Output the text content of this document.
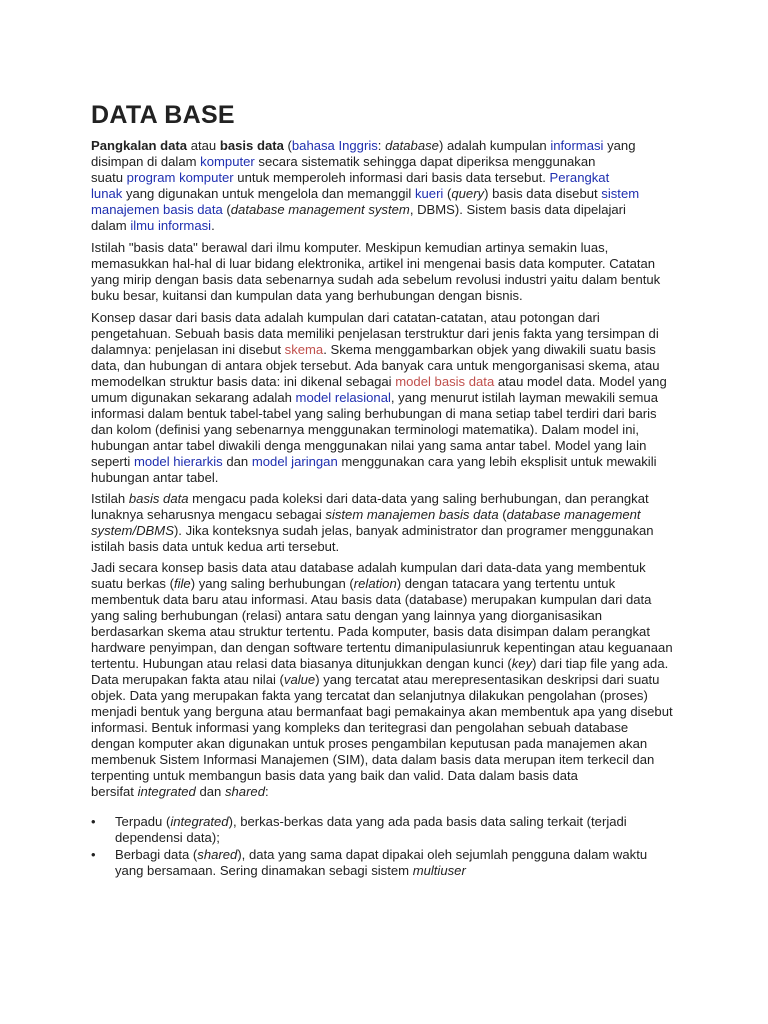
DATA BASE

Pangkalan data atau basis data (bahasa Inggris: database) adalah kumpulan informasi yang

disimpan di dalam komputer secara sistematik sehingga dapat diperiksa menggunakan

suatu program komputer untuk memperoleh informasi dari basis data tersebut. Perangkat

lunak yang digunakan untuk mengelola dan memanggil kueri (query) basis data disebut sistem

manajemen basis data (database management system, DBMS). Sistem basis data dipelajari

dalam ilmu informasi.

Istilah "basis data" berawal dari ilmu komputer. Meskipun kemudian artinya semakin luas,

memasukkan hal-hal di luar bidang elektronika, artikel ini mengenai basis data komputer. Catatan

yang mirip dengan basis data sebenarnya sudah ada sebelum revolusi industri yaitu dalam bentuk

buku besar, kuitansi dan kumpulan data yang berhubungan dengan bisnis.

Konsep dasar dari basis data adalah kumpulan dari catatan-catatan, atau potongan dari

pengetahuan. Sebuah basis data memiliki penjelasan terstruktur dari jenis fakta yang tersimpan di

dalamnya: penjelasan ini disebut skema. Skema menggambarkan objek yang diwakili suatu basis

data, dan hubungan di antara objek tersebut. Ada banyak cara untuk mengorganisasi skema, atau

memodelkan struktur basis data: ini dikenal sebagai model basis data atau model data. Model yang

umum digunakan sekarang adalah model relasional, yang menurut istilah layman mewakili semua

informasi dalam bentuk tabel-tabel yang saling berhubungan di mana setiap tabel terdiri dari baris

dan kolom (definisi yang sebenarnya menggunakan terminologi matematika). Dalam model ini,

hubungan antar tabel diwakili denga menggunakan nilai yang sama antar tabel. Model yang lain

seperti model hierarkis dan model jaringan menggunakan cara yang lebih eksplisit untuk mewakili

hubungan antar tabel.

Istilah basis data mengacu pada koleksi dari data-data yang saling berhubungan, dan perangkat

lunaknya seharusnya mengacu sebagai sistem manajemen basis data (database management

system/DBMS). Jika konteksnya sudah jelas, banyak administrator dan programer menggunakan

istilah basis data untuk kedua arti tersebut.

Jadi secara konsep basis data atau database adalah kumpulan dari data-data yang membentuk

suatu berkas (file) yang saling berhubungan (relation) dengan tatacara yang tertentu untuk

membentuk data baru atau informasi. Atau basis data (database) merupakan kumpulan dari data

yang saling berhubungan (relasi) antara satu dengan yang lainnya yang diorganisasikan

berdasarkan skema atau struktur tertentu. Pada komputer, basis data disimpan dalam perangkat

hardware penyimpan, dan dengan software tertentu dimanipulasiunruk kepentingan atau keguanaan

tertentu. Hubungan atau relasi data biasanya ditunjukkan dengan kunci (key) dari tiap file yang ada.

Data merupakan fakta atau nilai (value) yang tercatat atau merepresentasikan deskripsi dari suatu

objek. Data yang merupakan fakta yang tercatat dan selanjutnya dilakukan pengolahan (proses)

menjadi bentuk yang berguna atau bermanfaat bagi pemakainya akan membentuk apa yang disebut

informasi. Bentuk informasi yang kompleks dan teritegrasi dan pengolahan sebuah database

dengan komputer akan digunakan untuk proses pengambilan keputusan pada manajemen akan

membenuk Sistem Informasi Manajemen (SIM), data dalam basis data merupan item terkecil dan

terpenting untuk membangun basis data yang baik dan valid. Data dalam basis data

bersifat integrated dan shared:

• Terpadu (integrated), berkas-berkas data yang ada pada basis data saling terkait (terjadi

dependensi data);

• Berbagi data (shared), data yang sama dapat dipakai oleh sejumlah pengguna dalam waktu

yang bersamaan. Sering dinamakan sebagi sistem multiuser
